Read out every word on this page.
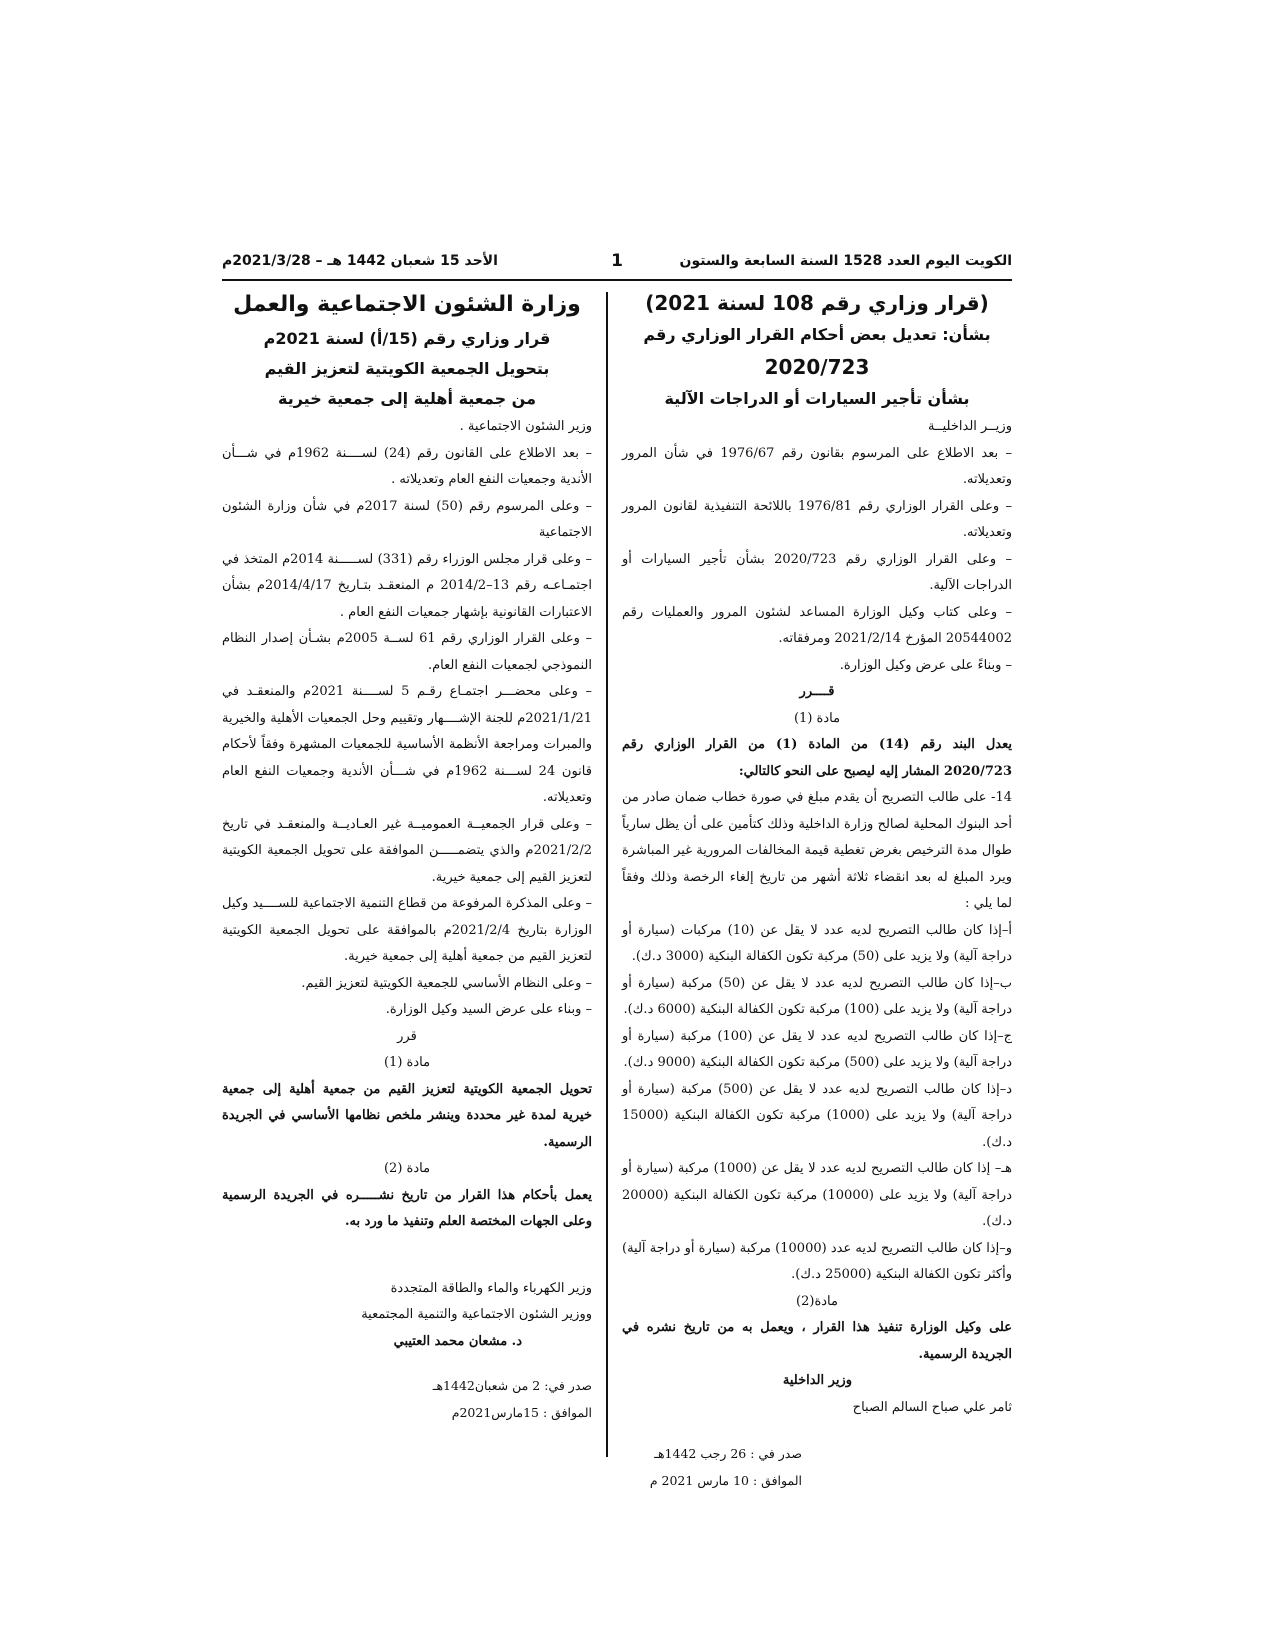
الكويت اليوم العدد 1528 السنة السابعة والستون
1
الأحد 15 شعبان 1442 هـ – 2021/3/28م

(قرار وزاري رقم 108 لسنة 2021)

بشأن: تعديل بعض أحكام القرار الوزاري رقم

2020/723

بشأن تأجير السيارات أو الدراجات الآلية

وزيــر الداخليــة

– بعد الاطلاع على المرسوم بقانون رقم 1976/67 في شأن المرور وتعديلاته.

– وعلى القرار الوزاري رقم 1976/81 باللائحة التنفيذية لقانون المرور وتعديلاته.

– وعلى القرار الوزاري رقم 2020/723 بشأن تأجير السيارات أو الدراجات الآلية.

– وعلى كتاب وكيل الوزارة المساعد لشئون المرور والعمليات رقم 20544002 المؤرخ 2021/2/14 ومرفقاته.

– وبناءً على عرض وكيل الوزارة.

قــــرر

مادة (1)

يعدل البند رقم (14) من المادة (1) من القرار الوزاري رقم 2020/723 المشار إليه ليصبح على النحو كالتالي:

14- على طالب التصريح أن يقدم مبلغ في صورة خطاب ضمان صادر من أحد البنوك المحلية لصالح وزارة الداخلية وذلك كتأمين على أن يظل سارياً طوال مدة الترخيص بغرض تغطية قيمة المخالفات المرورية غير المباشرة ويرد المبلغ له بعد انقضاء ثلاثة أشهر من تاريخ إلغاء الرخصة وذلك وفقاً لما يلي :

أ–إذا كان طالب التصريح لديه عدد لا يقل عن (10) مركبات (سيارة أو دراجة آلية) ولا يزيد على (50) مركبة تكون الكفالة البنكية (3000 د.ك).

ب–إذا كان طالب التصريح لديه عدد لا يقل عن (50) مركبة (سيارة أو دراجة آلية) ولا يزيد على (100) مركبة تكون الكفالة البنكية (6000 د.ك).

ج–إذا كان طالب التصريح لديه عدد لا يقل عن (100) مركبة (سيارة أو دراجة آلية) ولا يزيد على (500) مركبة تكون الكفالة البنكية (9000 د.ك).

د–إذا كان طالب التصريح لديه عدد لا يقل عن (500) مركبة (سيارة أو دراجة آلية) ولا يزيد على (1000) مركبة تكون الكفالة البنكية (15000 د.ك).

هـ– إذا كان طالب التصريح لديه عدد لا يقل عن (1000) مركبة (سيارة أو دراجة آلية) ولا يزيد على (10000) مركبة تكون الكفالة البنكية (20000 د.ك).

و–إذا كان طالب التصريح لديه عدد (10000) مركبة (سيارة أو دراجة آلية) وأكثر تكون الكفالة البنكية (25000 د.ك).

مادة(2)

على وكيل الوزارة تنفيذ هذا القرار ، ويعمل به من تاريخ نشره في الجريدة الرسمية.

وزير الداخلية

ثامر علي صباح السالم الصباح

صدر في : 26 رجب 1442هـ

الموافق : 10 مارس 2021 م

وزارة الشئون الاجتماعية والعمل

قرار وزاري رقم (15/أ) لسنة 2021م

بتحويل الجمعية الكويتية لتعزيز القيم

من جمعية أهلية إلى جمعية خيرية

وزير الشئون الاجتماعية .

– بعد الاطلاع على القانون رقم (24) لســــنة 1962م في شـــأن الأندية وجمعيات النفع العام وتعديلاته .

– وعلى المرسوم رقم (50) لسنة 2017م في شأن وزارة الشئون الاجتماعية

– وعلى قرار مجلس الوزراء رقم (331) لســـــنة 2014م المتخذ في اجتمـاعـه رقم 13–2014/2 م المنعقـد بتـاريخ 2014/4/17م بشأن الاعتبارات القانونية بإشهار جمعيات النفع العام .

– وعلى القرار الوزاري رقم 61 لســة 2005م بشـأن إصدار النظام النموذجي لجمعيات النفع العام.

– وعلى محضـــر اجتمـاع رقـم 5 لســــنة 2021م والمنعقـد في 2021/1/21م للجنة الإشــــهار وتقييم وحل الجمعيات الأهلية والخيرية والمبرات ومراجعة الأنظمة الأساسية للجمعيات المشهرة وفقاً لأحكام قانون 24 لســـنة 1962م في شـــأن الأندية وجمعيات النفع العام وتعديلاته.

– وعلى قرار الجمعيــة العموميــة غير العـاديــة والمنعقـد في تاريخ 2021/2/2م والذي يتضمـــــن الموافقة على تحويل الجمعية الكويتية لتعزيز القيم إلى جمعية خيرية.

– وعلى المذكرة المرفوعة من قطاع التنمية الاجتماعية للســــيد وكيل الوزارة بتاريخ 2021/2/4م بالموافقة على تحويل الجمعية الكويتية لتعزيز القيم من جمعية أهلية إلى جمعية خيرية.

– وعلى النظام الأساسي للجمعية الكويتية لتعزيز القيم.

– وبناء على عرض السيد وكيل الوزارة.

قرر

مادة (1)

تحويل الجمعية الكويتية لتعزيز القيم من جمعية أهلية إلى جمعية خيرية لمدة غير محددة وينشر ملخص نظامها الأساسي في الجريدة الرسمية.

مادة (2)

يعمل بأحكام هذا القرار من تاريخ نشـــــره في الجريدة الرسمية وعلى الجهات المختصة العلم وتنفيذ ما ورد به.

وزير الكهرباء والماء والطاقة المتجددة

ووزير الشئون الاجتماعية والتنمية المجتمعية

د. مشعان محمد العتيبي

صدر في: 2 من شعبان1442هـ

الموافق : 15مارس2021م
